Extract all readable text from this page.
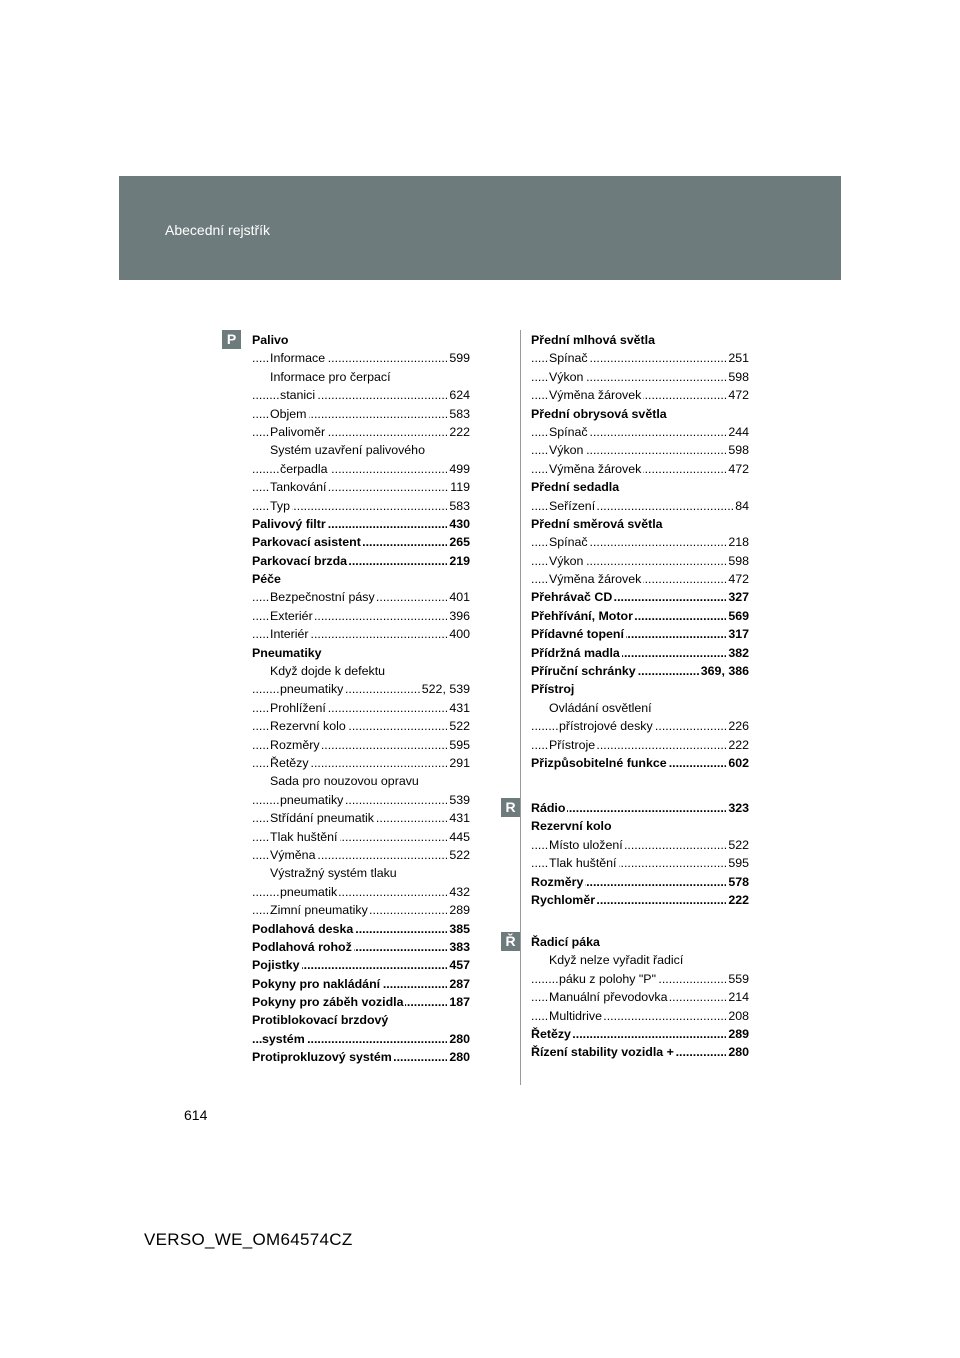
Abecední rejstřík
P
R
Ř
Palivo
.....
Informace	599
Informace pro čerpací
.....
stanici	624
.....
Objem	583
.....
Palivoměr	222
Systém uzavření palivového
.....
čerpadla	499
.....
Tankování	119
.....
Typ	583
.....
Palivový filtr	430
.....
Parkovací asistent	265
.....
Parkovací brzda	219
Péče
.....
Bezpečnostní pásy	401
.....
Exteriér	396
.....
Interiér	400
Pneumatiky
Když dojde k defektu
.....
pneumatiky	522, 539
.....
Prohlížení	431
.....
Rezervní kolo	522
.....
Rozměry	595
.....
Řetězy	291
Sada pro nouzovou opravu
.....
pneumatiky	539
.....
Střídání pneumatik	431
.....
Tlak huštění	445
.....
Výměna	522
Výstražný systém tlaku
.....
pneumatik	432
.....
Zimní pneumatiky	289
.....
Podlahová deska	385
.....
Podlahová rohož	383
.....
Pojistky	457
.....
Pokyny pro nakládání	287
.....
Pokyny pro záběh vozidla	187
Protiblokovací brzdový
.....
systém	280
.....
Protiprokluzový systém	280
Přední mlhová světla
.....
Spínač	251
.....
Výkon	598
.....
Výměna žárovek	472
Přední obrysová světla
.....
Spínač	244
.....
Výkon	598
.....
Výměna žárovek	472
Přední sedadla
.....
Seřízení	84
Přední směrová světla
.....
Spínač	218
.....
Výkon	598
.....
Výměna žárovek	472
.....
Přehrávač CD	327
.....
Přehřívání, Motor	569
.....
Přídavné topení	317
.....
Přídržná madla	382
.....
Příruční schránky	369, 386
Přístroj
Ovládání osvětlení
.....
přístrojové desky	226
.....
Přístroje	222
.....
Přizpůsobitelné funkce	602
.....
Rádio	323
Rezervní kolo
.....
Místo uložení	522
.....
Tlak huštění	595
.....
Rozměry	578
.....
Rychloměr	222
Řadicí páka
Když nelze vyřadit řadicí
.....
páku z polohy "P"	559
.....
Manuální převodovka	214
.....
Multidrive	208
.....
Řetězy	289
.....
Řízení stability vozidla +	280
614
VERSO_WE_OM64574CZ
